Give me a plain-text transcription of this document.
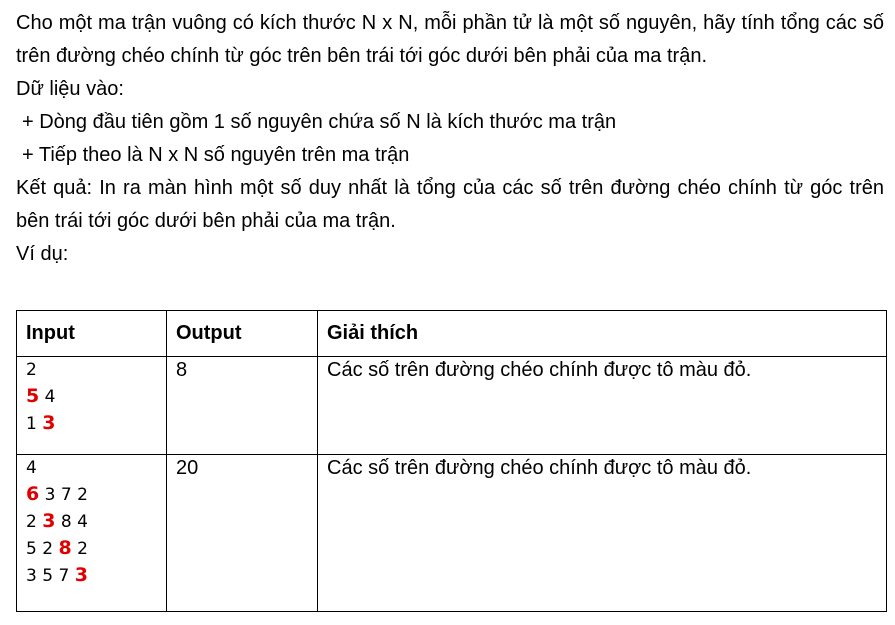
Cho một ma trận vuông có kích thước N x N, mỗi phần tử là một số nguyên, hãy tính tổng các số trên đường chéo chính từ góc trên bên trái tới góc dưới bên phải của ma trận.

Dữ liệu vào:

+ Dòng đầu tiên gồm 1 số nguyên chứa số N là kích thước ma trận

+ Tiếp theo là N x N số nguyên trên ma trận

Kết quả: In ra màn hình một số duy nhất là tổng của các số trên đường chéo chính từ góc trên bên trái tới góc dưới bên phải của ma trận.

Ví dụ:

Input	Output	Giải thích

2
5 4
1 3	8	Các số trên đường chéo chính được tô màu đỏ.

4
6 3 7 2
2 3 8 4
5 2 8 2
3 5 7 3	20	Các số trên đường chéo chính được tô màu đỏ.
